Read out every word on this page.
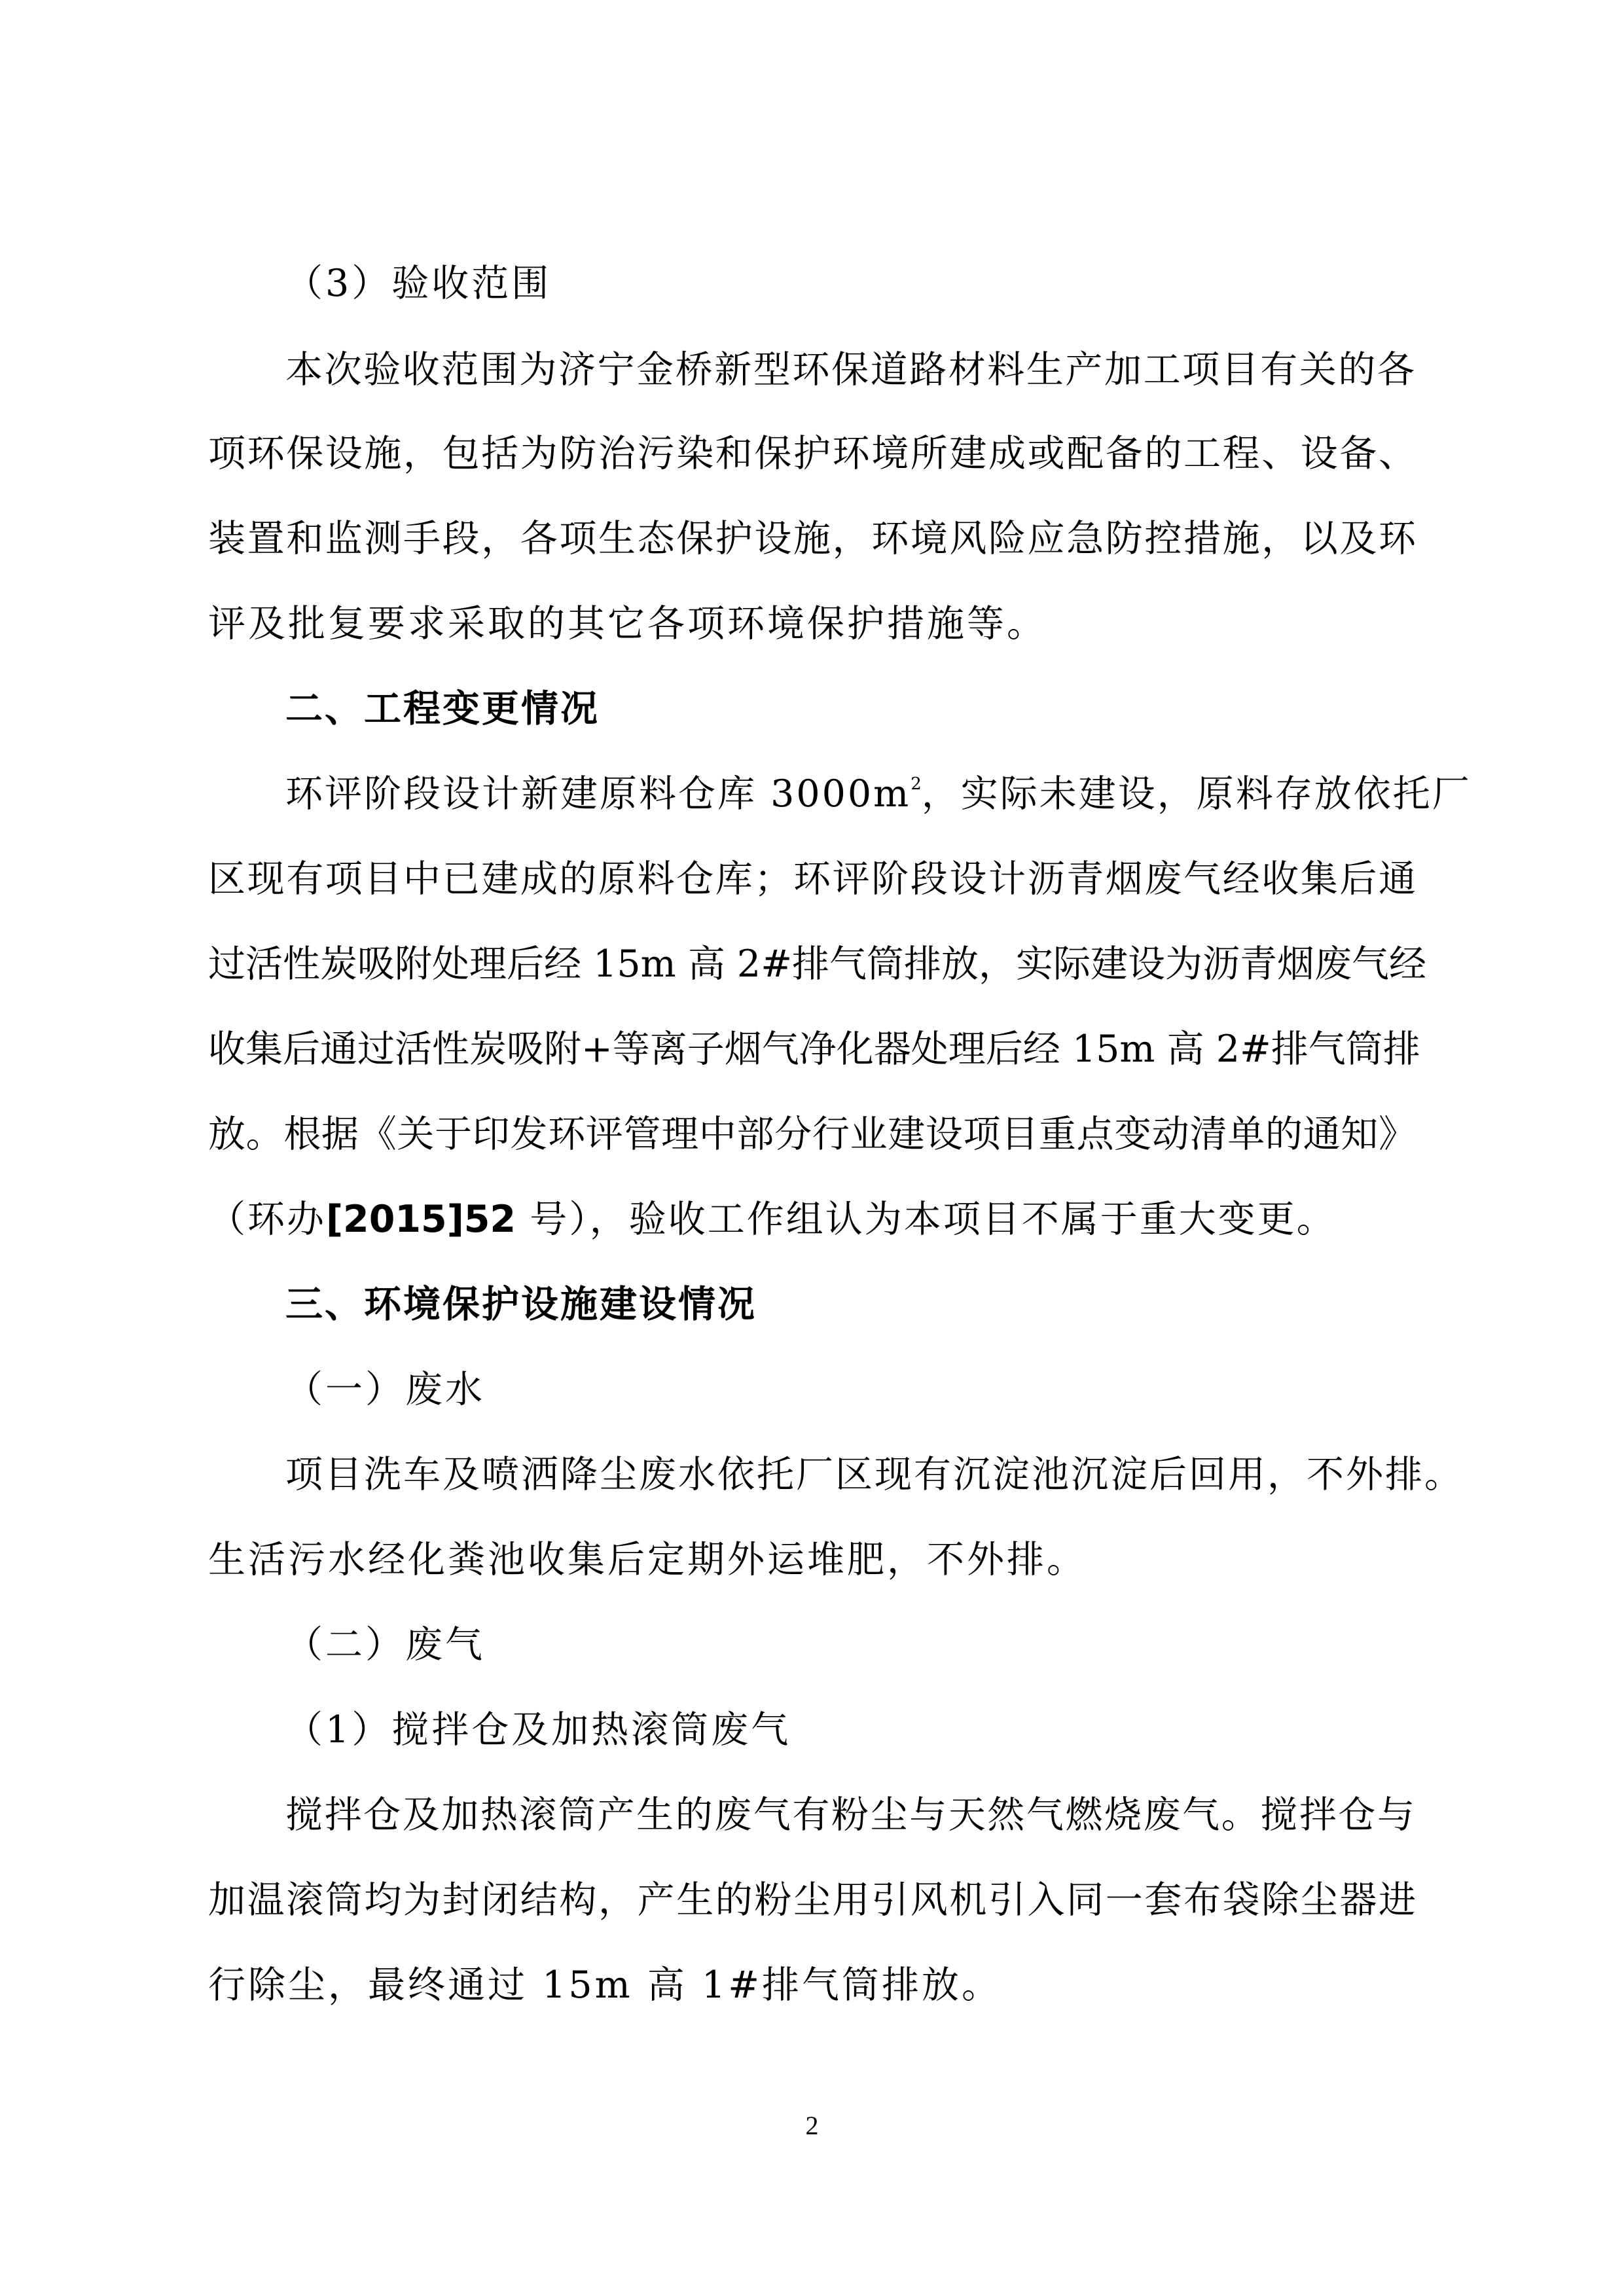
（3）验收范围
本次验收范围为济宁金桥新型环保道路材料生产加工项目有关的各
项环保设施，包括为防治污染和保护环境所建成或配备的工程、设备、
装置和监测手段，各项生态保护设施，环境风险应急防控措施，以及环
评及批复要求采取的其它各项环境保护措施等。
二、工程变更情况
环评阶段设计新建原料仓库 $3000m^2$，实际未建设，原料存放依托厂
区现有项目中已建成的原料仓库；环评阶段设计沥青烟废气经收集后通
过活性炭吸附处理后经 15m 高 2#排气筒排放，实际建设为沥青烟废气经
收集后通过活性炭吸附+等离子烟气净化器处理后经 15m 高 2#排气筒排
放。根据《关于印发环评管理中部分行业建设项目重点变动清单的通知》
（环办[2015]52 号），验收工作组认为本项目不属于重大变更。
三、环境保护设施建设情况
（一）废水
项目洗车及喷洒降尘废水依托厂区现有沉淀池沉淀后回用，不外排。
生活污水经化粪池收集后定期外运堆肥，不外排。
（二）废气
（1）搅拌仓及加热滚筒废气
搅拌仓及加热滚筒产生的废气有粉尘与天然气燃烧废气。搅拌仓与
加温滚筒均为封闭结构，产生的粉尘用引风机引入同一套布袋除尘器进
行除尘，最终通过 15m 高 1#排气筒排放。
2
